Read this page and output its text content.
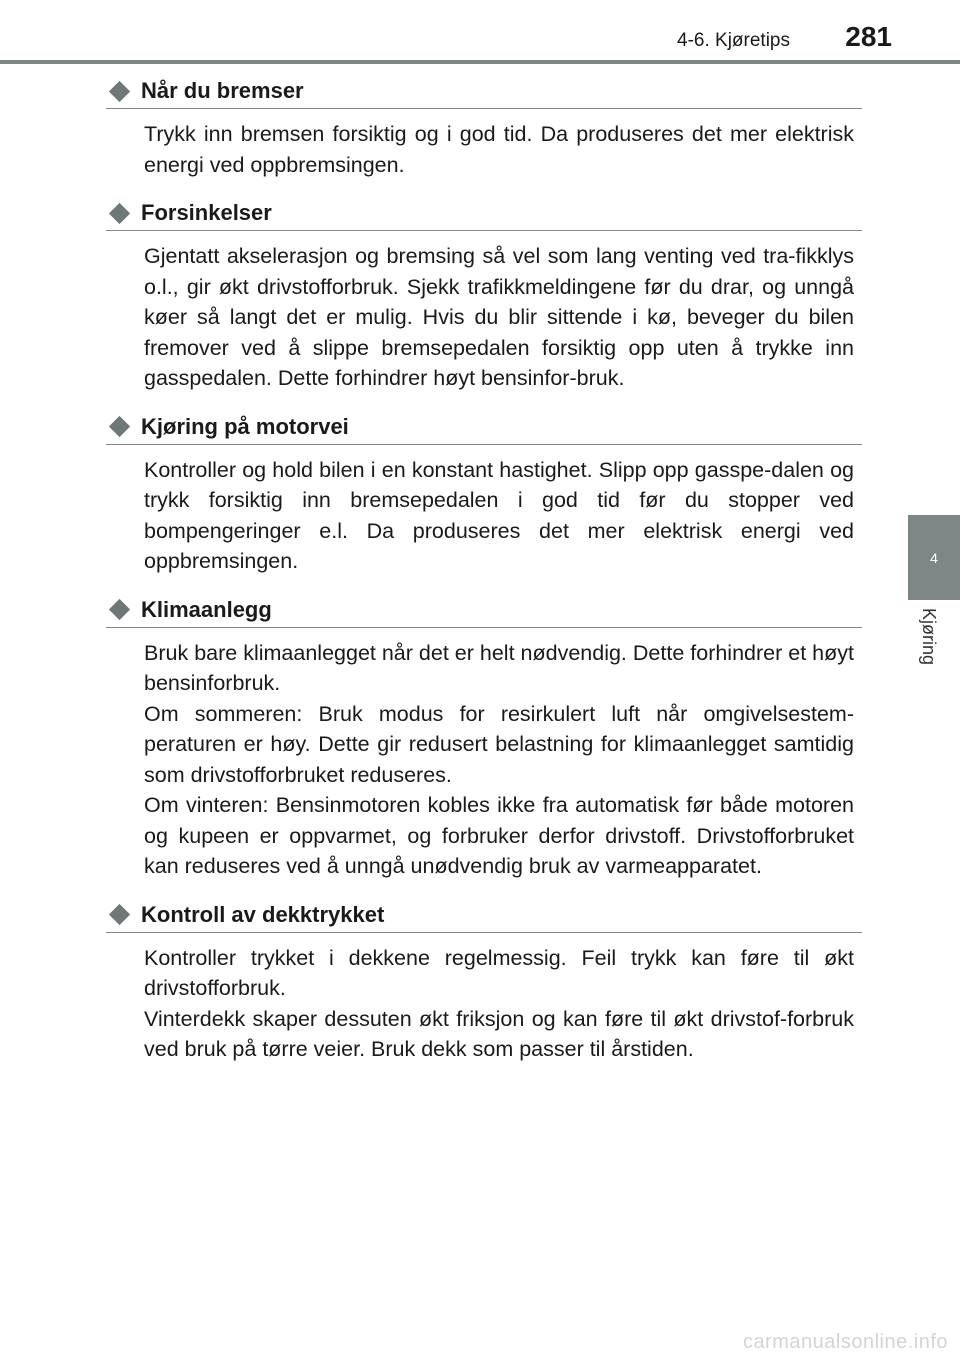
4-6. Kjøretips	281
4
Kjøring
Når du bremser

Trykk inn bremsen forsiktig og i god tid. Da produseres det mer elektrisk energi ved oppbremsingen.

Forsinkelser

Gjentatt akselerasjon og bremsing så vel som lang venting ved tra-fikklys o.l., gir økt drivstofforbruk. Sjekk trafikkmeldingene før du drar, og unngå køer så langt det er mulig. Hvis du blir sittende i kø, beveger du bilen fremover ved å slippe bremsepedalen forsiktig opp uten å trykke inn gasspedalen. Dette forhindrer høyt bensinfor-bruk.

Kjøring på motorvei

Kontroller og hold bilen i en konstant hastighet. Slipp opp gasspe-dalen og trykk forsiktig inn bremsepedalen i god tid før du stopper ved bompengeringer e.l. Da produseres det mer elektrisk energi ved oppbremsingen.

Klimaanlegg

Bruk bare klimaanlegget når det er helt nødvendig. Dette forhindrer et høyt bensinforbruk.

Om sommeren: Bruk modus for resirkulert luft når omgivelsestem-peraturen er høy. Dette gir redusert belastning for klimaanlegget samtidig som drivstofforbruket reduseres.

Om vinteren: Bensinmotoren kobles ikke fra automatisk før både motoren og kupeen er oppvarmet, og forbruker derfor drivstoff. Drivstofforbruket kan reduseres ved å unngå unødvendig bruk av varmeapparatet.

Kontroll av dekktrykket

Kontroller trykket i dekkene regelmessig. Feil trykk kan føre til økt drivstofforbruk.

Vinterdekk skaper dessuten økt friksjon og kan føre til økt drivstof-forbruk ved bruk på tørre veier. Bruk dekk som passer til årstiden.

carmanualsonline.info
